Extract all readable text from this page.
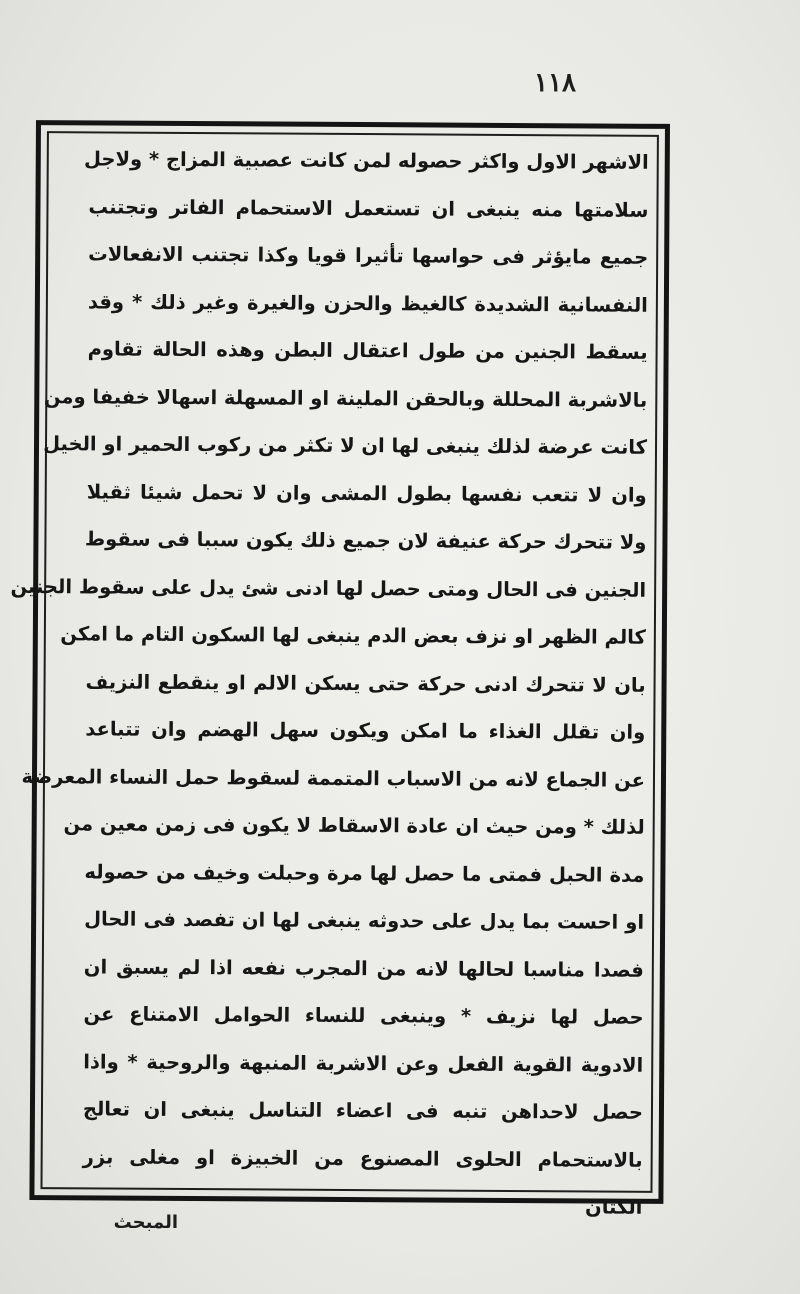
١١٨
الاشهر الاول واكثر حصوله لمن كانت عصبية المزاج * ولاجل
سلامتها منه ينبغى ان تستعمل الاستحمام الفاتر وتجتنب
جميع مايؤثر فى حواسها تأثيرا قويا وكذا تجتنب الانفعالات
النفسانية الشديدة كالغيظ والحزن والغيرة وغير ذلك * وقد
يسقط الجنين من طول اعتقال البطن وهذه الحالة تقاوم
بالاشربة المحللة وبالحقن الملينة او المسهلة اسهالا خفيفا ومن
كانت عرضة لذلك ينبغى لها ان لا تكثر من ركوب الحمير او الخيل
وان لا تتعب نفسها بطول المشى وان لا تحمل شيئا ثقيلا
ولا تتحرك حركة عنيفة لان جميع ذلك يكون سببا فى سقوط
الجنين فى الحال ومتى حصل لها ادنى شئ يدل على سقوط الجنين
كالم الظهر او نزف بعض الدم ينبغى لها السكون التام ما امكن
بان لا تتحرك ادنى حركة حتى يسكن الالم او ينقطع النزيف
وان تقلل الغذاء ما امكن ويكون سهل الهضم وان تتباعد
عن الجماع لانه من الاسباب المتممة لسقوط حمل النساء المعرضة
لذلك * ومن حيث ان عادة الاسقاط لا يكون فى زمن معين من
مدة الحبل فمتى ما حصل لها مرة وحبلت وخيف من حصوله
او احست بما يدل على حدوثه ينبغى لها ان تفصد فى الحال
فصدا مناسبا لحالها لانه من المجرب نفعه اذا لم يسبق ان
حصل لها نزيف * وينبغى للنساء الحوامل الامتناع عن
الادوية القوية الفعل وعن الاشربة المنبهة والروحية * واذا
حصل لاحداهن تنبه فى اعضاء التناسل ينبغى ان تعالج
بالاستحمام الحلوى المصنوع من الخبيزة او مغلى بزر
الكتان
المبحث
